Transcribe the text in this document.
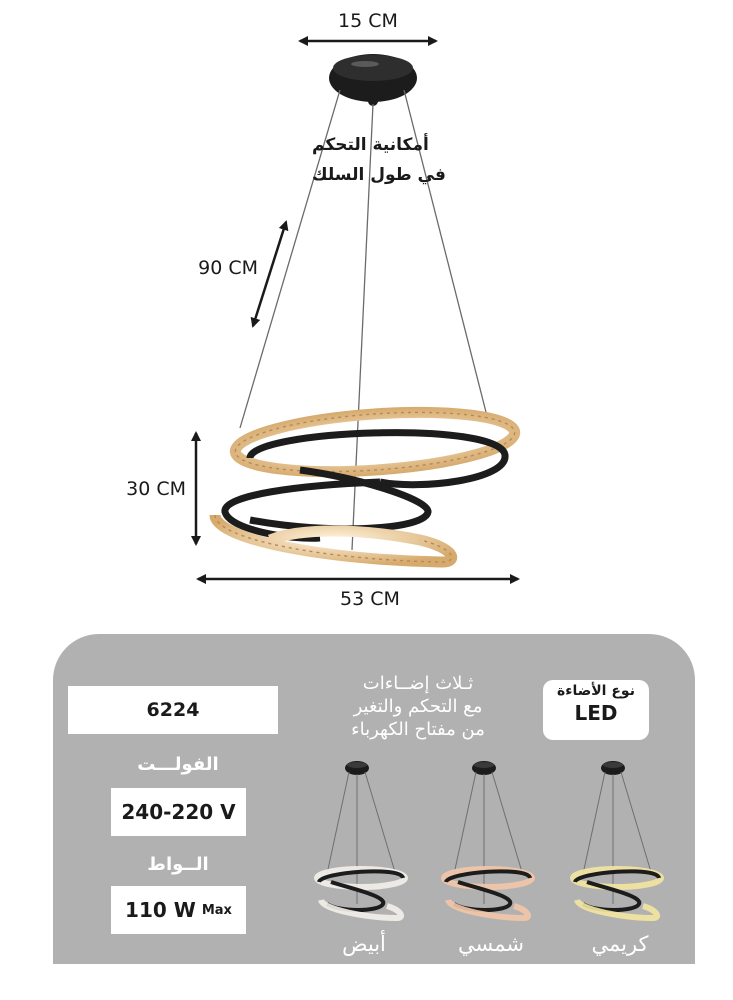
15 CM
أمكانية التحكم
في طول السلك
90 CM
30 CM
53 CM
6224
الفولـــت
240-220 V
الــواط
110 W Max
ثـلاث إضــاءات
مع التحكم والتغير
من مفتاح الكهرباء
نوع الأضاءة
LED
أبيض	شمسي	كريمي
